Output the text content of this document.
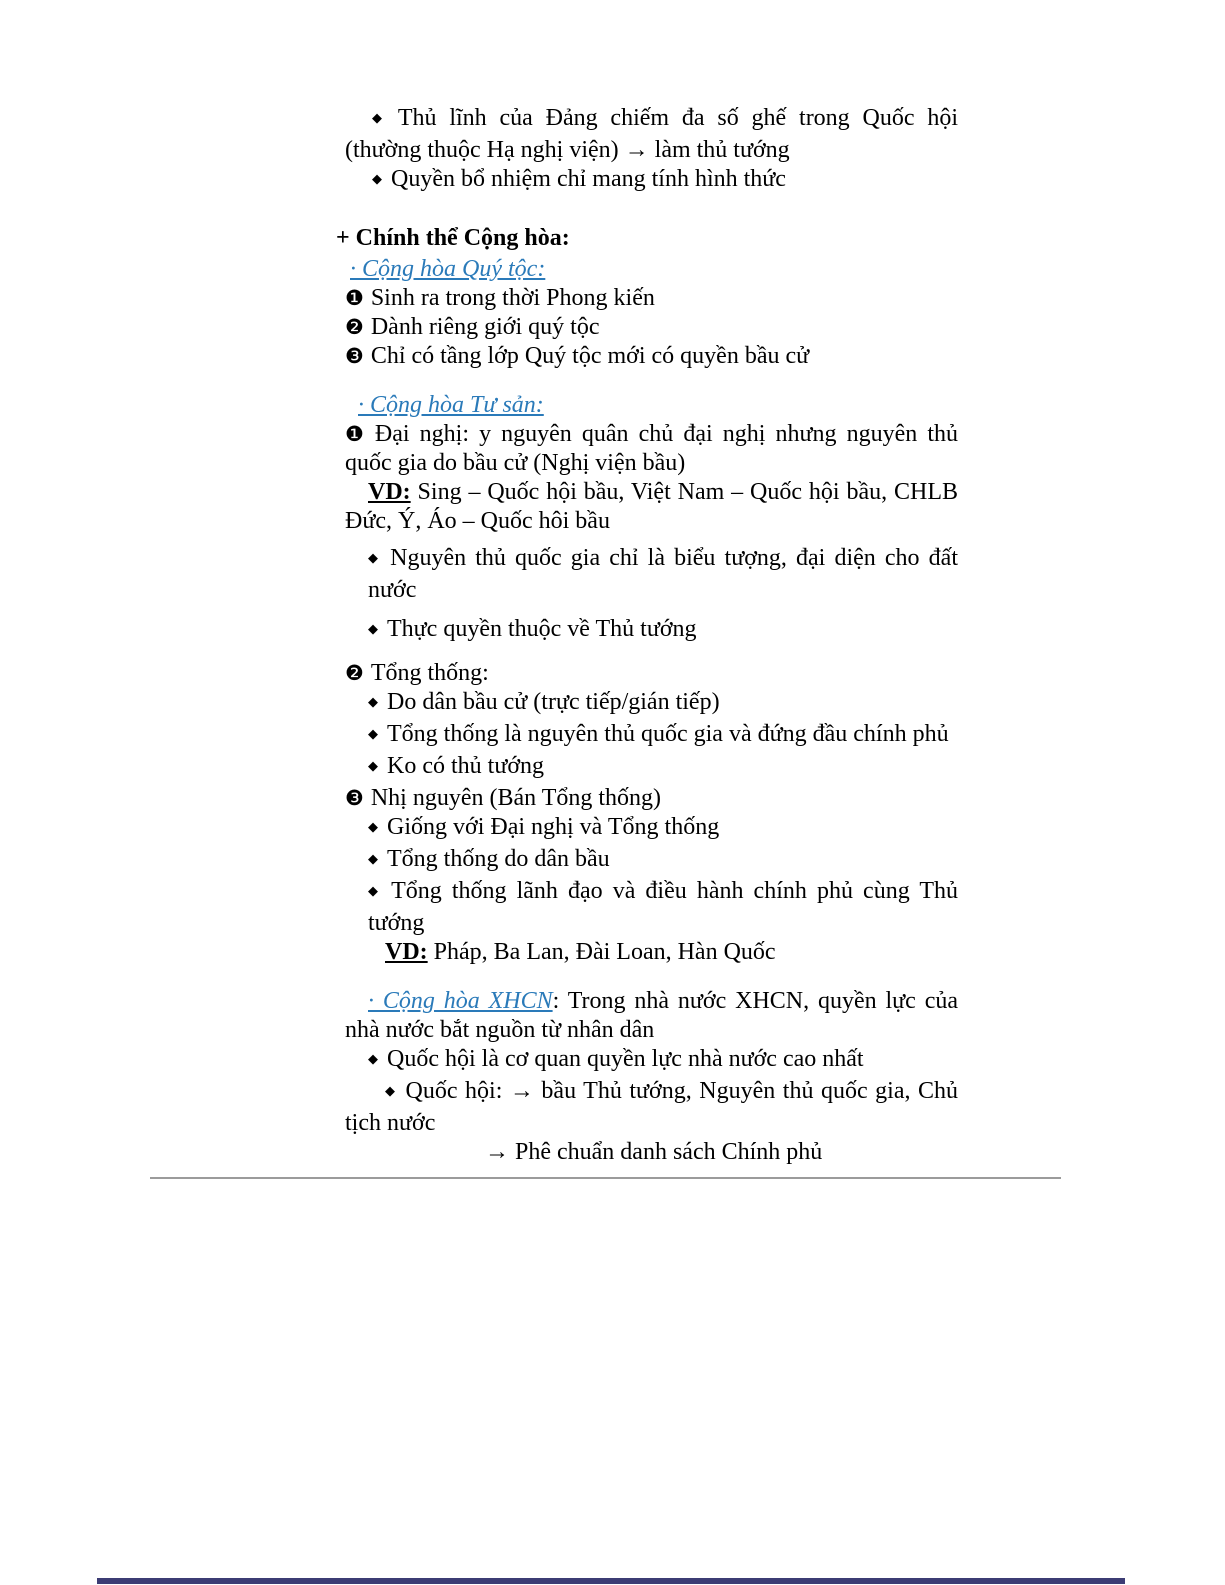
◆ Thủ lĩnh của Đảng chiếm đa số ghế trong Quốc hội (thường thuộc Hạ nghị viện) → làm thủ tướng

◆ Quyền bổ nhiệm chỉ mang tính hình thức

+ Chính thể Cộng hòa:

· Cộng hòa Quý tộc:

❶ Sinh ra trong thời Phong kiến

❷ Dành riêng giới quý tộc

❸ Chỉ có tầng lớp Quý tộc mới có quyền bầu cử

· Cộng hòa Tư sản:

❶ Đại nghị: y nguyên quân chủ đại nghị nhưng nguyên thủ quốc gia do bầu cử (Nghị viện bầu)

VD: Sing – Quốc hội bầu, Việt Nam – Quốc hội bầu, CHLB Đức, Ý, Áo – Quốc hôi bầu

◆ Nguyên thủ quốc gia chỉ là biểu tượng, đại diện cho đất nước

◆ Thực quyền thuộc về Thủ tướng

❷ Tổng thống:

◆ Do dân bầu cử (trực tiếp/gián tiếp)

◆ Tổng thống là nguyên thủ quốc gia và đứng đầu chính phủ

◆ Ko có thủ tướng

❸ Nhị nguyên (Bán Tổng thống)

◆ Giống với Đại nghị và Tổng thống

◆ Tổng thống do dân bầu

◆ Tổng thống lãnh đạo và điều hành chính phủ cùng Thủ tướng

VD: Pháp, Ba Lan, Đài Loan, Hàn Quốc

· Cộng hòa XHCN: Trong nhà nước XHCN, quyền lực của nhà nước bắt nguồn từ nhân dân

◆ Quốc hội là cơ quan quyền lực nhà nước cao nhất

◆ Quốc hội: → bầu Thủ tướng, Nguyên thủ quốc gia, Chủ tịch nước

→ Phê chuẩn danh sách Chính phủ
